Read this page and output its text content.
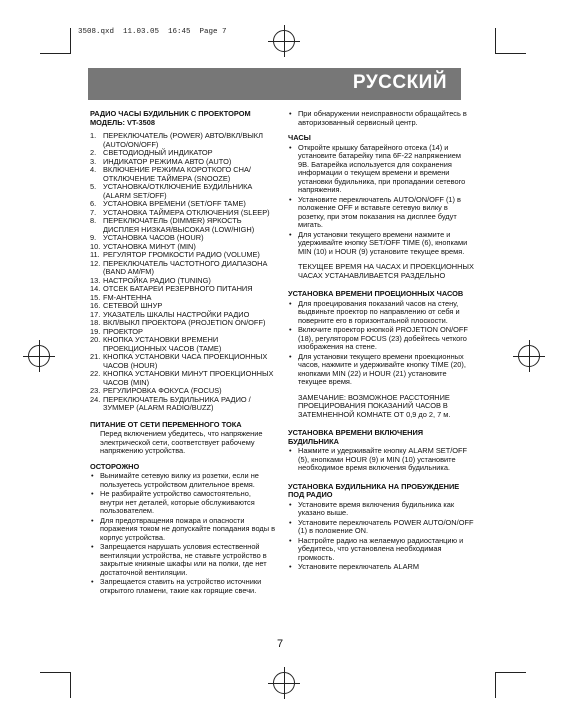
3508.qxd  11.03.05  16:45  Page 7
РУССКИЙ
РАДИО ЧАСЫ БУДИЛЬНИК С ПРОЕКТОРОМ МОДЕЛЬ: VT-3508
1. ПЕРЕКЛЮЧАТЕЛЬ (POWER) АВТО/ВКЛ/ВЫКЛ (AUTO/ON/OFF)
2. СВЕТОДИОДНЫЙ ИНДИКАТОР
3. ИНДИКАТОР РЕЖИМА АВТО (AUTO)
4. ВКЛЮЧЕНИЕ РЕЖИМА КОРОТКОГО СНА/ОТКЛЮЧЕНИЕ ТАЙМЕРА (SNOOZE)
5. УСТАНОВКА/ОТКЛЮЧЕНИЕ БУДИЛЬНИКА (ALARM SET/OFF)
6. УСТАНОВКА ВРЕМЕНИ (SET/OFF TAME)
7. УСТАНОВКА ТАЙМЕРА ОТКЛЮЧЕНИЯ (SLEEP)
8. ПЕРЕКЛЮЧАТЕЛЬ (DIMMER) ЯРКОСТЬ ДИСПЛЕЯ НИЗКАЯ/ВЫСОКАЯ (LOW/HIGH)
9. УСТАНОВКА ЧАСОВ (HOUR)
10. УСТАНОВКА МИНУТ (MIN)
11. РЕГУЛЯТОР ГРОМКОСТИ РАДИО (VOLUME)
12. ПЕРЕКЛЮЧАТЕЛЬ ЧАСТОТНОГО ДИАПАЗОНА (BAND AM/FM)
13. НАСТРОЙКА РАДИО (TUNING)
14. ОТСЕК БАТАРЕИ РЕЗЕРВНОГО ПИТАНИЯ
15. FM-АНТЕННА
16. СЕТЕВОЙ ШНУР
17. УКАЗАТЕЛЬ ШКАЛЫ НАСТРОЙКИ РАДИО
18. ВКЛ/ВЫКЛ ПРОЕКТОРА (PROJETION ON/OFF)
19. ПРОЕКТОР
20. КНОПКА УСТАНОВКИ ВРЕМЕНИ ПРОЕКЦИОННЫХ ЧАСОВ (TAME)
21. КНОПКА УСТАНОВКИ ЧАСА ПРОЕКЦИОННЫХ ЧАСОВ (HOUR)
22. КНОПКА УСТАНОВКИ МИНУТ ПРОЕКЦИОННЫХ ЧАСОВ (MIN)
23. РЕГУЛИРОВКА ФОКУСА (FOCUS)
24. ПЕРЕКЛЮЧАТЕЛЬ БУДИЛЬНИКА РАДИО / ЗУММЕР (ALARM RADIO/BUZZ)
ПИТАНИЕ ОТ СЕТИ ПЕРЕМЕННОГО ТОКА

Перед включением убедитесь, что напряжение электрической сети, соответствует рабочему напряжению устройства.

ОСТОРОЖНО
• Вынимайте сетевую вилку из розетки, если не пользуетесь устройством длительное время.
• Не разбирайте устройство самостоятельно, внутри нет деталей, которые обслуживаются пользователем.
• Для предотвращения пожара и опасности поражения током не допускайте попадания воды в корпус устройства.
• Запрещается нарушать условия естественной вентиляции устройства, не ставьте устройство в закрытые книжные шкафы или на полки, где нет достаточной вентиляции.
• Запрещается ставить на устройство источники открытого пламени, такие как горящие свечи.
• При обнаружении неисправности обращайтесь в авторизованный сервисный центр.
ЧАСЫ
• Откройте крышку батарейного отсека (14) и установите батарейку типа 6F-22 напряжением 9В. Батарейка используется для сохранения информации о текущем времени и времени установки будильника, при пропадании сетевого напряжения.
• Установите переключатель AUTO/ON/OFF (1) в положение OFF и вставьте сетевую вилку в розетку, при этом показания на дисплее будут мигать.
• Для установки текущего времени нажмите и удерживайте кнопку SET/OFF TIME (6), кнопками MIN (10) и HOUR (9) установите текущее время.

ТЕКУЩЕЕ ВРЕМЯ НА ЧАСАХ И ПРОЕКЦИОННЫХ ЧАСАХ УСТАНАВЛИВАЕТСЯ РАЗДЕЛЬНО

УСТАНОВКА ВРЕМЕНИ ПРОЕЦИОННЫХ ЧАСОВ
• Для проецирования показаний часов на стену, выдвиньте проектор по направлению от себя и поверните его в горизонтальной плоскости.
• Включите проектор кнопкой PROJETION ON/OFF (18), регулятором FOCUS (23) добейтесь четкого изображения на стене.
• Для установки текущего времени проекционных часов, нажмите и удерживайте кнопку TIME (20), кнопками MIN (22) и HOUR (21) установите текущее время.

ЗАМЕЧАНИЕ: ВОЗМОЖНОЕ РАССТОЯНИЕ ПРОЕЦИРОВАНИЯ ПОКАЗАНИЙ ЧАСОВ В ЗАТЕМНЕННОЙ КОМНАТЕ ОТ 0,9 до 2, 7 м.

УСТАНОВКА ВРЕМЕНИ ВКЛЮЧЕНИЯ БУДИЛЬНИКА
• Нажмите и удерживайте кнопку ALARM SET/OFF (5), кнопками HOUR (9) и MIN (10) установите необходимое время включения будильника.
УСТАНОВКА БУДИЛЬНИКА НА ПРОБУЖДЕНИЕ ПОД РАДИО
• Установите время включения будильника как указано выше.
• Установите переключатель POWER AUTO/ON/OFF (1) в положение ON.
• Настройте радио на желаемую радиостанцию и убедитесь, что установлена необходимая громкость.
• Установите переключатель ALARM
7
